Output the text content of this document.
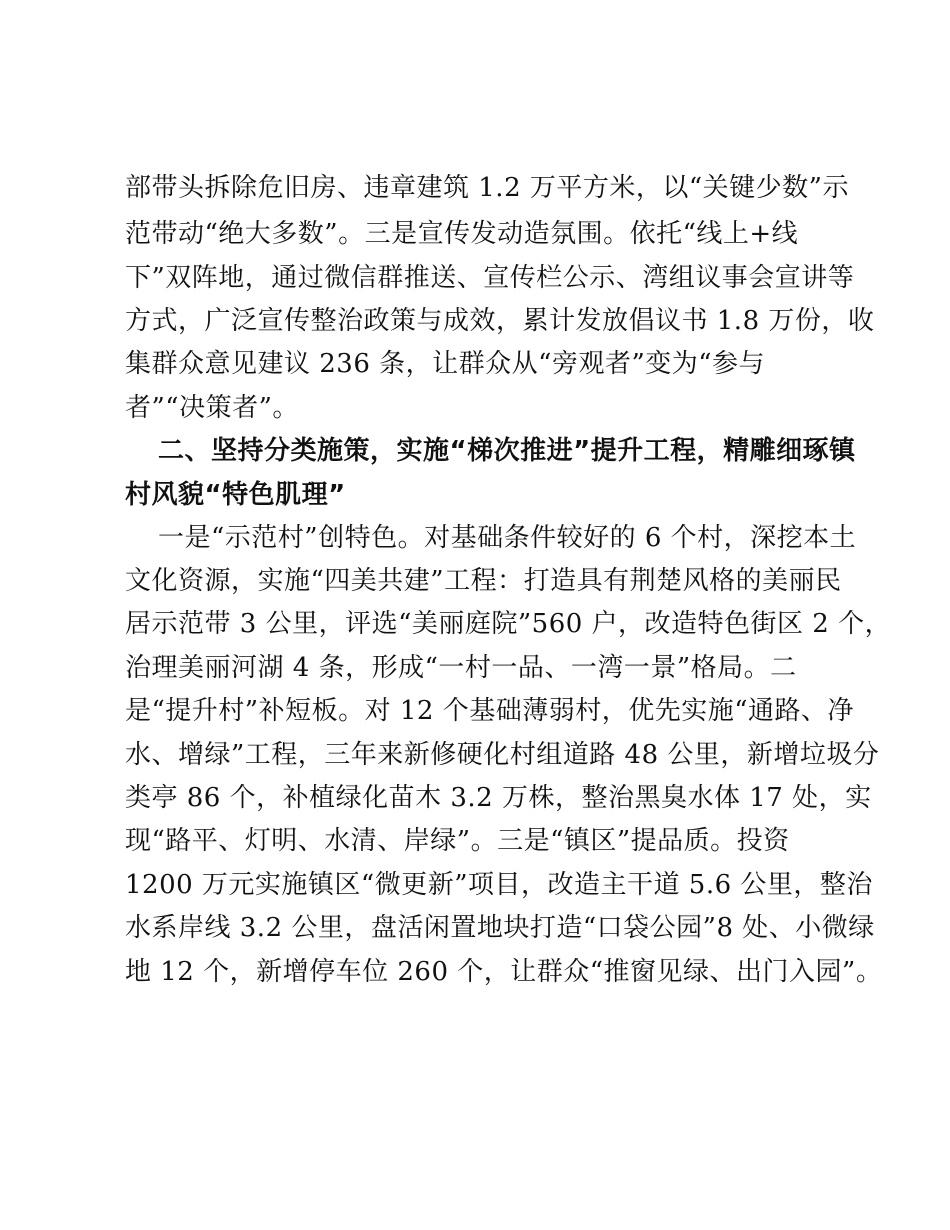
部带头拆除危旧房、违章建筑 1.2 万平方米，以“关键少数”示
范带动“绝大多数”。三是宣传发动造氛围。依托“线上+线
下”双阵地，通过微信群推送、宣传栏公示、湾组议事会宣讲等
方式，广泛宣传整治政策与成效，累计发放倡议书 1.8 万份，收
集群众意见建议 236 条，让群众从“旁观者”变为“参与
者”“决策者”。
二、坚持分类施策，实施“梯次推进”提升工程，精雕细琢镇
村风貌“特色肌理”
一是“示范村”创特色。对基础条件较好的 6 个村，深挖本土
文化资源，实施“四美共建”工程：打造具有荆楚风格的美丽民
居示范带 3 公里，评选“美丽庭院”560 户，改造特色街区 2 个，
治理美丽河湖 4 条，形成“一村一品、一湾一景”格局。二
是“提升村”补短板。对 12 个基础薄弱村，优先实施“通路、净
水、增绿”工程，三年来新修硬化村组道路 48 公里，新增垃圾分
类亭 86 个，补植绿化苗木 3.2 万株，整治黑臭水体 17 处，实
现“路平、灯明、水清、岸绿”。三是“镇区”提品质。投资
1200 万元实施镇区“微更新”项目，改造主干道 5.6 公里，整治
水系岸线 3.2 公里，盘活闲置地块打造“口袋公园”8 处、小微绿
地 12 个，新增停车位 260 个，让群众“推窗见绿、出门入园”。
